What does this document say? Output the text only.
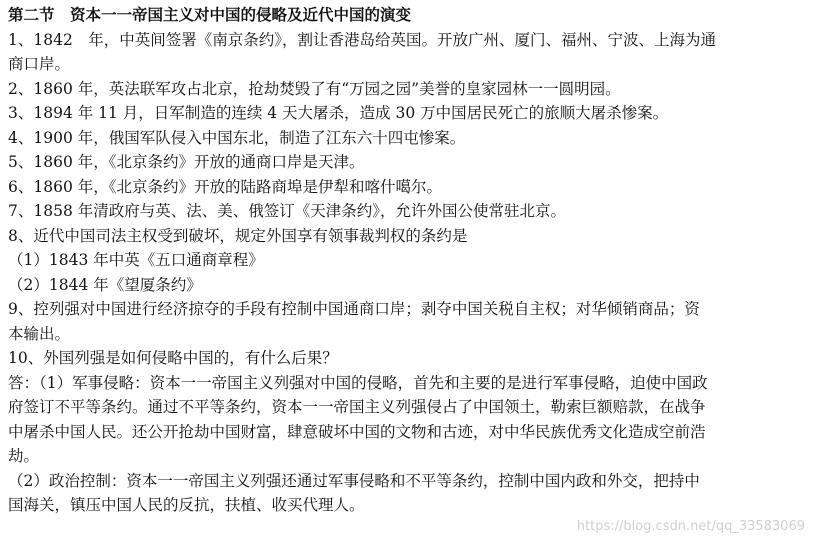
第二节　资本一一帝国主义对中国的侵略及近代中国的演变
1、1842　年，中英间签署《南京条约》，割让香港岛给英国。开放广州、厦门、福州、宁波、上海为通
商口岸。
2、1860 年，英法联军攻占北京，抢劫焚毁了有“万园之园”美誉的皇家园林一一圆明园。
3、1894 年 11 月，日军制造的连续 4 天大屠杀，造成 30 万中国居民死亡的旅顺大屠杀惨案。
4、1900 年，俄国军队侵入中国东北，制造了江东六十四屯惨案。
5、1860 年，《北京条约》开放的通商口岸是天津。
6、1860 年，《北京条约》开放的陆路商埠是伊犁和喀什噶尔。
7、1858 年清政府与英、法、美、俄签订《天津条约》，允许外国公使常驻北京。
8、近代中国司法主权受到破坏，规定外国享有领事裁判权的条约是
（1）1843 年中英《五口通商章程》
（2）1844 年《望厦条约》
9、控列强对中国进行经济掠夺的手段有控制中国通商口岸；剥夺中国关税自主权；对华倾销商品；资
本输出。
10、外国列强是如何侵略中国的，有什么后果？
答：（1）军事侵略：资本一一帝国主义列强对中国的侵略，首先和主要的是进行军事侵略，迫使中国政
府签订不平等条约。通过不平等条约，资本一一帝国主义列强侵占了中国领土，勒索巨额赔款，在战争
中屠杀中国人民。还公开抢劫中国财富，肆意破坏中国的文物和古迹，对中华民族优秀文化造成空前浩
劫。
（2）政治控制：资本一一帝国主义列强还通过军事侵略和不平等条约，控制中国内政和外交，把持中
国海关，镇压中国人民的反抗，扶植、收买代理人。
https://blog.csdn.net/qq_33583069
